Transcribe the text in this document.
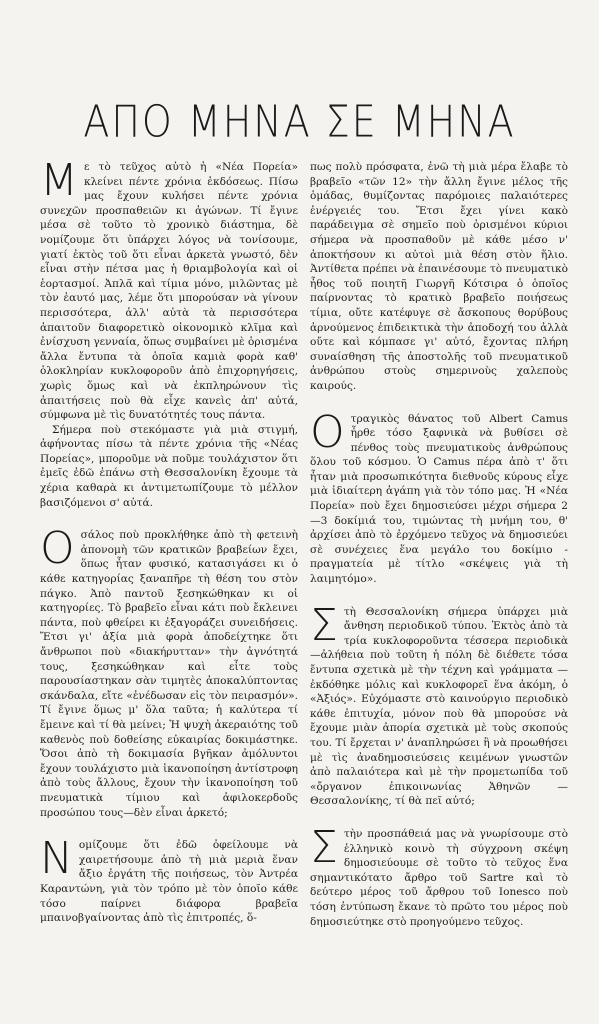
ΑΠΟ ΜΗΝΑ ΣΕ ΜΗΝΑ
Μ ε τὸ τεῦχος αὐτὸ ἡ «Νέα Πορεία» κλείνει πέντε χρόνια ἐκδόσεως. Πίσω μας ἔχουν κυλήσει πέντε χρόνια συνεχῶν προσπαθειῶν κι ἀγώνων. Τί ἔγινε μέσα σὲ τοῦτο τὸ χρονικὸ διάστημα, δὲ νομίζουμε ὅτι ὑπάρχει λόγος νὰ τονίσουμε, γιατί ἐκτὸς τοῦ ὅτι εἶναι ἀρκετὰ γνωστό, δὲν εἶναι στὴν πέτσα μας ἡ θριαμβολογία καὶ οἱ ἑορτασμοί. Ἀπλᾶ καὶ τίμια μόνο, μιλῶντας μὲ τὸν ἑαυτό μας, λέμε ὅτι μπορούσαν νὰ γίνουν περισσότερα, ἀλλ' αὐτὰ τὰ περισσότερα ἀπαιτοῦν διαφορετικὸ οἰκονομικὸ κλῖμα καὶ ἐνίσχυση γενναία, ὅπως συμβαίνει μὲ ὁρισμένα ἄλλα ἔντυπα τὰ ὁποῖα καμιὰ φορὰ καθ' ὁλοκληρίαν κυκλοφοροῦν ἀπὸ ἐπιχορηγήσεις, χωρὶς ὅμως καὶ νὰ ἐκπληρώνουν τὶς ἀπαιτήσεις ποὺ θὰ εἶχε κανεὶς ἀπ' αὐτά, σύμφωνα μὲ τὶς δυνατότητές τους πάντα.

Σήμερα ποὺ στεκόμαστε γιὰ μιὰ στιγμή, ἀφήνοντας πίσω τὰ πέντε χρόνια τῆς «Νέας Πορείας», μποροῦμε νὰ ποῦμε τουλάχιστον ὅτι ἐμεῖς ἐδῶ ἐπάνω στὴ Θεσσαλονίκη ἔχουμε τὰ χέρια καθαρὰ κι ἀντιμετωπίζουμε τὸ μέλλον βασιζόμενοι σ' αὐτά.

Ο σάλος ποὺ προκλήθηκε ἀπὸ τὴ φετεινὴ ἀπονομὴ τῶν κρατικῶν βραβείων ἔχει, ὅπως ἦταν φυσικό, κατασιγάσει κι ὁ κάθε κατηγορίας ξαναπῆρε τὴ θέση του στὸν πάγκο. Ἀπὸ παντοῦ ξεσηκώθηκαν κι οἱ κατηγορίες. Τὸ βραβεῖο εἶναι κάτι ποὺ ἔκλεινει πάντα, ποὺ φθείρει κι ἐξαγοράζει συνειδήσεις. Ἔτσι γι' ἀξία μιὰ φορὰ ἀποδείχτηκε ὅτι ἄνθρωποι ποὺ «διακήρυτταν» τὴν ἀγνότητά τους, ξεσηκώθηκαν καὶ εἶτε τοὺς παρουσίαστηκαν σὰν τιμητὲς ἀποκαλύπτοντας σκάνδαλα, εἴτε «ἐνέδωσαν εἰς τὸν πειρασμόν». Τί ἔγινε ὅμως μ' ὅλα ταῦτα; ἡ καλύτερα τί ἔμεινε καὶ τί θὰ μείνει; Ἡ ψυχὴ ἀκεραιότης τοῦ καθενὸς ποὺ δοθείσης εὐκαιρίας δοκιμάστηκε. Ὅσοι ἀπὸ τὴ δοκιμασία βγῆκαν ἀμόλυντοι ἔχουν τουλάχιστο μιὰ ἱκανοποίηση ἀντίστροφη ἀπὸ τοὺς ἄλλους, ἔχουν τὴν ἱκανοποίηση τοῦ πνευματικὰ τίμιου καὶ ἀφιλοκερδοῦς προσώπου τους—δὲν εἶναι ἀρκετό;

Ν ομίζουμε ὅτι ἐδῶ ὀφείλουμε νὰ χαιρετήσουμε ἀπὸ τὴ μιὰ μεριὰ ἕναν ἄξιο ἐργάτη τῆς ποιήσεως, τὸν Ἀντρέα Καραντώνη, γιὰ τὸν τρόπο μὲ τὸν ὁποῖο κάθε τόσο παίρνει διάφορα βραβεῖα μπαινοβγαίνοντας ἀπὸ τὶς ἐπιτροπές, ὅ-

πως πολὺ πρόσφατα, ἐνῶ τὴ μιὰ μέρα ἔλαβε τὸ βραβεῖο «τῶν 12» τὴν ἄλλη ἔγινε μέλος τῆς ὁμάδας, θυμίζοντας παρόμοιες παλαιότερες ἐνέργειές του. Ἔτσι ἔχει γίνει κακὸ παράδειγμα σὲ σημεῖο ποὺ ὁρισμένοι κύριοι σήμερα νὰ προσπαθοῦν μὲ κάθε μέσο ν' ἀποκτήσουν κι αὐτοὶ μιὰ θέση στὸν ἥλιο. Ἀντίθετα πρέπει νὰ ἐπαινέσουμε τὸ πνευματικὸ ἦθος τοῦ ποιητῆ Γιωργῆ Κότσιρα ὁ ὁποῖος παίρνοντας τὸ κρατικὸ βραβεῖο ποιήσεως τίμια, οὔτε κατέφυγε σὲ ἄσκοπους θορύβους ἀρνούμενος ἐπιδεικτικὰ τὴν ἀποδοχή του ἀλλὰ οὔτε καὶ κόμπασε γι' αὐτό, ἔχοντας πλήρη συναίσθηση τῆς ἀποστολῆς τοῦ πνευματικοῦ ἀνθρώπου στοὺς σημερινοὺς χαλεποὺς καιρούς.

Ο τραγικὸς θάνατος τοῦ Albert Camus ἦρθε τόσο ξαφνικὰ νὰ βυθίσει σὲ πένθος τοὺς πνευματικοὺς ἀνθρώπους ὅλου τοῦ κόσμου. Ὁ Camus πέρα ἀπὸ τ' ὅτι ἦταν μιὰ προσωπικότητα διεθνοῦς κύρους εἶχε μιὰ ἰδιαίτερη ἀγάπη γιὰ τὸν τόπο μας. Ἡ «Νέα Πορεία» ποὺ ἔχει δημοσιεύσει μέχρι σήμερα 2—3 δοκίμιά του, τιμώντας τὴ μνήμη του, θ' ἀρχίσει ἀπὸ τὸ ἐρχόμενο τεῦχος νὰ δημοσιεύει σὲ συνέχειες ἕνα μεγάλο του δοκίμιο - πραγματεία μὲ τίτλο «σκέψεις γιὰ τὴ λαιμητόμο».

Σ τὴ Θεσσαλονίκη σήμερα ὑπάρχει μιὰ ἄνθηση περιοδικοῦ τύπου. Ἐκτὸς ἀπὸ τὰ τρία κυκλοφοροῦντα τέσσερα περιοδικὰ—ἀλήθεια ποὺ τοῦτη ἡ πόλη δὲ διέθετε τόσα ἔντυπα σχετικὰ μὲ τὴν τέχνη καὶ γράμματα — ἐκδόθηκε μόλις καὶ κυκλοφορεῖ ἕνα ἀκόμη, ὁ «Ἀξιός». Εὐχόμαστε στὸ καινούργιο περιοδικὸ κάθε ἐπιτυχία, μόνον ποὺ θὰ μπορούσε νὰ ἔχουμε μιὰν ἀπορία σχετικὰ μὲ τοὺς σκοπούς του. Τί ἔρχεται ν' ἀναπληρώσει ἢ νὰ προωθήσει μὲ τὶς ἀναδημοσιεύσεις κειμένων γνωστῶν ἀπὸ παλαιότερα καὶ μὲ τὴν προμετωπίδα τοῦ «ὄργανον ἐπικοινωνίας Ἀθηνῶν — Θεσσαλονίκης, τί θὰ πεῖ αὐτό;

Σ τὴν προσπάθειά μας νὰ γνωρίσουμε στὸ ἑλληνικὸ κοινὸ τὴ σύγχρονη σκέψη δημοσιεύουμε σὲ τοῦτο τὸ τεῦχος ἕνα σημαντικότατο ἄρθρο τοῦ Sartre καὶ τὸ δεύτερο μέρος τοῦ ἄρθρου τοῦ Ionesco ποὺ τόση ἐντύπωση ἔκανε τὸ πρῶτο του μέρος ποὺ δημοσιεύτηκε στὸ προηγούμενο τεῦχος.
